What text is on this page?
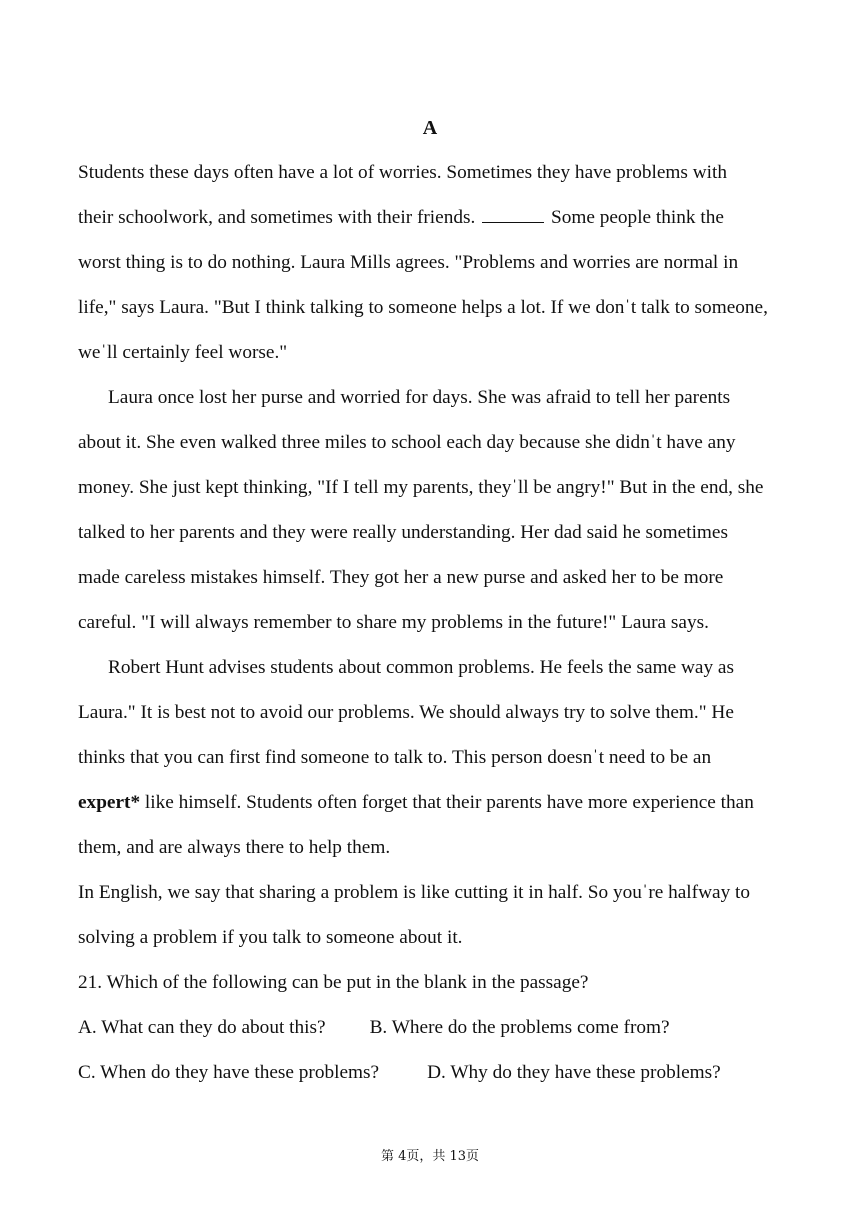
A
Students these days often have a lot of worries. Sometimes they have problems with
their schoolwork, and sometimes with their friends.	Some people think the
worst thing is to do nothing. Laura Mills agrees. "Problems and worries are normal in
life," says Laura. "But I think talking to someone helps a lot. If we donˈt talk to someone,
weˈll certainly feel worse."
Laura once lost her purse and worried for days. She was afraid to tell her parents
about it. She even walked three miles to school each day because she didnˈt have any
money. She just kept thinking, "If I tell my parents, theyˈll be angry!" But in the end, she
talked to her parents and they were really understanding. Her dad said he sometimes
made careless mistakes himself. They got her a new purse and asked her to be more
careful. "I will always remember to share my problems in the future!" Laura says.
Robert Hunt advises students about common problems. He feels the same way as
Laura." It is best not to avoid our problems. We should always try to solve them." He
thinks that you can first find someone to talk to. This person doesnˈt need to be an
expert* like himself. Students often forget that their parents have more experience than
them, and are always there to help them.
In English, we say that sharing a problem is like cutting it in half. So youˈre halfway to
solving a problem if you talk to someone about it.
21. Which of the following can be put in the blank in the passage?
A. What can they do about this? B. Where do the problems come from?
C. When do they have these problems? D. Why do they have these problems?
第 4页，共 13页
